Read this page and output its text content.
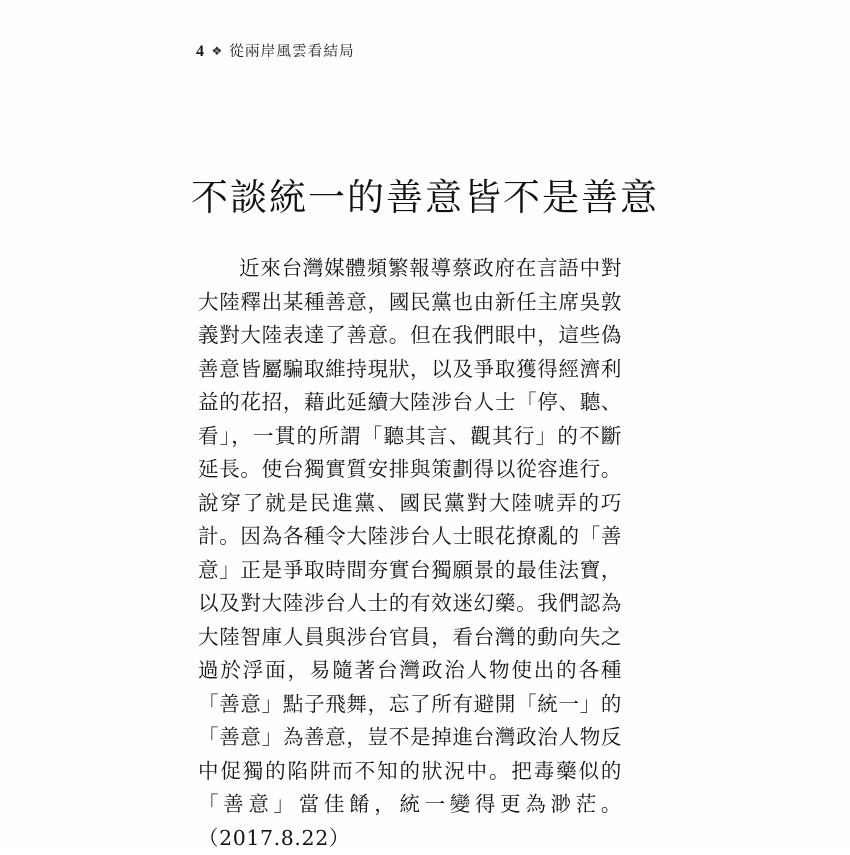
4 ❖ 從兩岸風雲看結局
不談統一的善意皆不是善意
近來台灣媒體頻繁報導蔡政府在言語中對大陸釋出某種善意，國民黨也由新任主席吳敦義對大陸表達了善意。但在我們眼中，這些偽善意皆屬騙取維持現狀，以及爭取獲得經濟利益的花招，藉此延續大陸涉台人士「停、聽、看」，一貫的所謂「聽其言、觀其行」的不斷延長。使台獨實質安排與策劃得以從容進行。說穿了就是民進黨、國民黨對大陸唬弄的巧計。因為各種令大陸涉台人士眼花撩亂的「善意」正是爭取時間夯實台獨願景的最佳法寶，以及對大陸涉台人士的有效迷幻藥。我們認為大陸智庫人員與涉台官員，看台灣的動向失之過於浮面，易隨著台灣政治人物使出的各種「善意」點子飛舞，忘了所有避開「統一」的「善意」為善意，豈不是掉進台灣政治人物反中促獨的陷阱而不知的狀況中。把毒藥似的「善意」當佳餚，統一變得更為渺茫。（2017.8.22）
